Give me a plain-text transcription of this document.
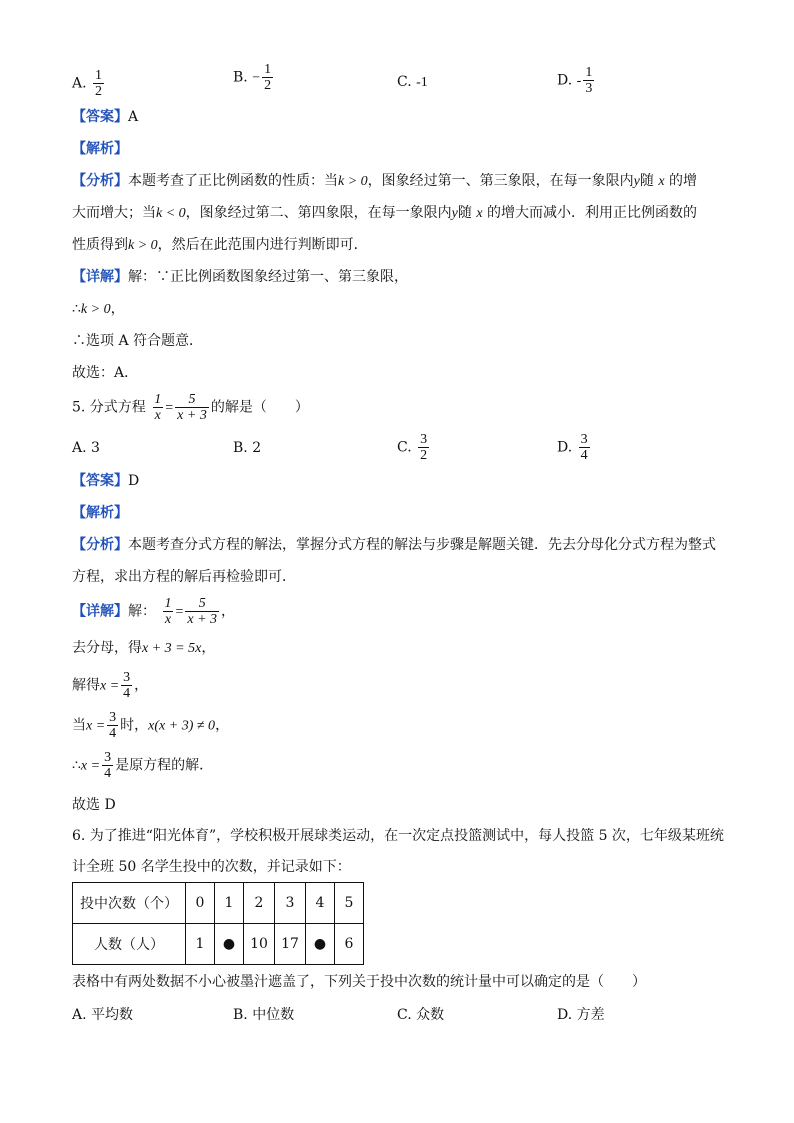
A. $\frac{1}{2}$	B. − $\frac{1}{2}$	C. -1	D. - $\frac{1}{3}$
【答案】A
【解析】
【分析】本题考查了正比例函数的性质：当k > 0，图象经过第一、第三象限，在每一象限内y随 x 的增
大而增大；当k < 0，图象经过第二、第四象限，在每一象限内y随 x 的增大而减小．利用正比例函数的
性质得到k > 0，然后在此范围内进行判断即可．
【详解】解：∵正比例函数图象经过第一、第三象限，
∴k > 0，
∴选项 A 符合题意．
故选：A．
5. 分式方程 $\frac{1}{x} = \frac{5}{x + 3}$ 的解是（　　）
A. 3	B. 2	C. $\frac{3}{2}$	D. $\frac{3}{4}$
【答案】D
【解析】
【分析】本题考查分式方程的解法，掌握分式方程的解法与步骤是解题关键．先去分母化分式方程为整式
方程，求出方程的解后再检验即可．
【详解】解： $\frac{1}{x} = \frac{5}{x + 3}$ ，
去分母，得x + 3 = 5x，
解得$x = \frac{3}{4}$ ，
当$x = \frac{3}{4}$ 时，x(x + 3) ≠ 0，
∴x = $\frac{3}{4}$ 是原方程的解．
故选 D
6. 为了推进“阳光体育”，学校积极开展球类运动，在一次定点投篮测试中，每人投篮 5 次，七年级某班统
计全班 50 名学生投中的次数，并记录如下：
投中次数（个）	0	1	2	3	4	5
人数（人）	1	●	10	17	●	6
表格中有两处数据不小心被墨汁遮盖了，下列关于投中次数的统计量中可以确定的是（　　）
A. 平均数	B. 中位数	C. 众数	D. 方差
